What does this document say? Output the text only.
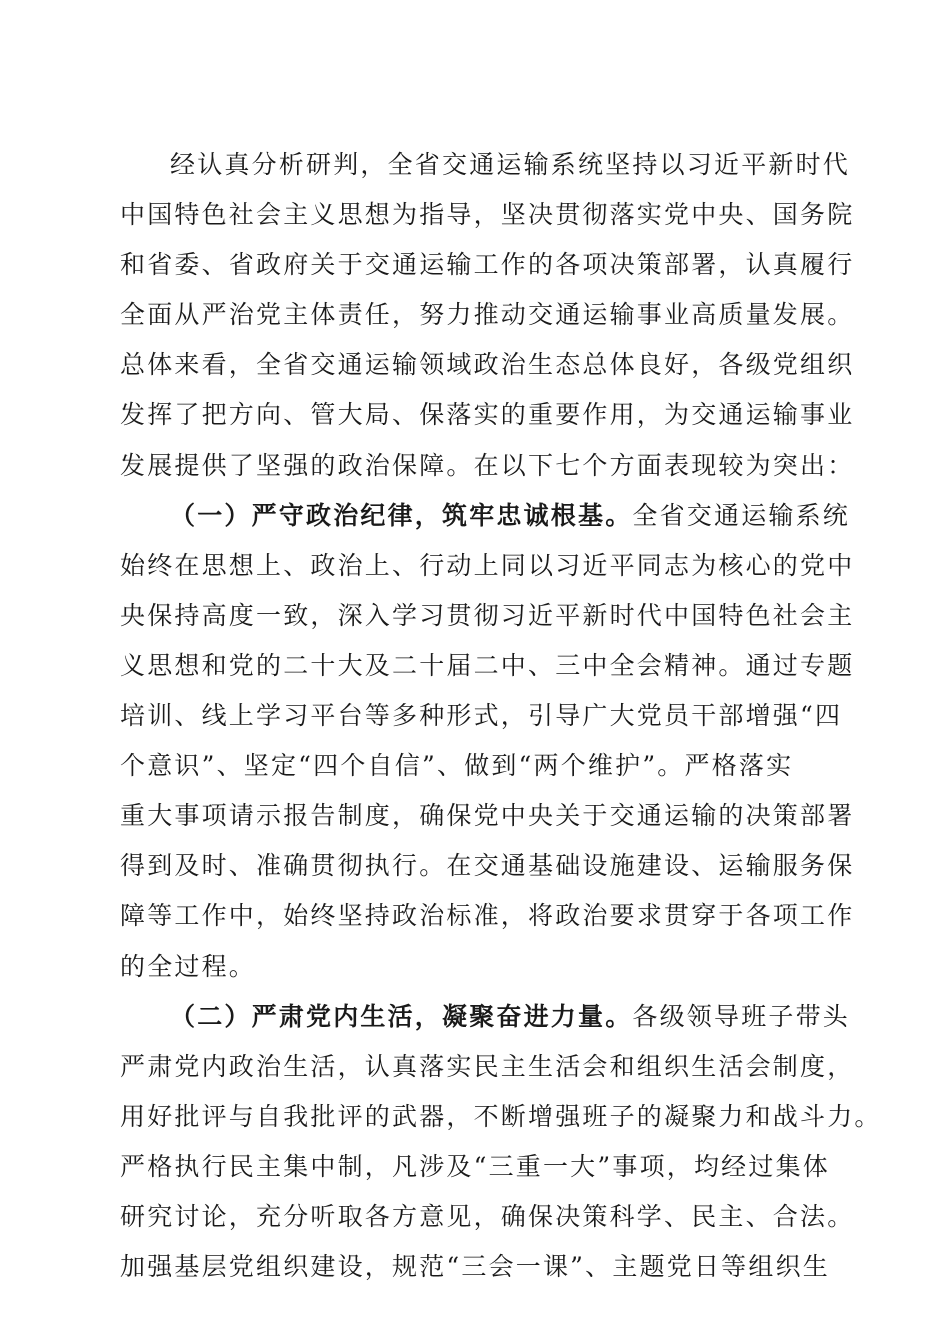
经认真分析研判，全省交通运输系统坚持以习近平新时代
中国特色社会主义思想为指导，坚决贯彻落实党中央、国务院
和省委、省政府关于交通运输工作的各项决策部署，认真履行
全面从严治党主体责任，努力推动交通运输事业高质量发展。
总体来看，全省交通运输领域政治生态总体良好，各级党组织
发挥了把方向、管大局、保落实的重要作用，为交通运输事业
发展提供了坚强的政治保障。在以下七个方面表现较为突出：
（一）严守政治纪律，筑牢忠诚根基。全省交通运输系统
始终在思想上、政治上、行动上同以习近平同志为核心的党中
央保持高度一致，深入学习贯彻习近平新时代中国特色社会主
义思想和党的二十大及二十届二中、三中全会精神。通过专题
培训、线上学习平台等多种形式，引导广大党员干部增强“四
个意识”、坚定“四个自信”、做到“两个维护”。严格落实
重大事项请示报告制度，确保党中央关于交通运输的决策部署
得到及时、准确贯彻执行。在交通基础设施建设、运输服务保
障等工作中，始终坚持政治标准，将政治要求贯穿于各项工作
的全过程。
（二）严肃党内生活，凝聚奋进力量。各级领导班子带头
严肃党内政治生活，认真落实民主生活会和组织生活会制度，
用好批评与自我批评的武器，不断增强班子的凝聚力和战斗力。
严格执行民主集中制，凡涉及“三重一大”事项，均经过集体
研究讨论，充分听取各方意见，确保决策科学、民主、合法。
加强基层党组织建设，规范“三会一课”、主题党日等组织生
